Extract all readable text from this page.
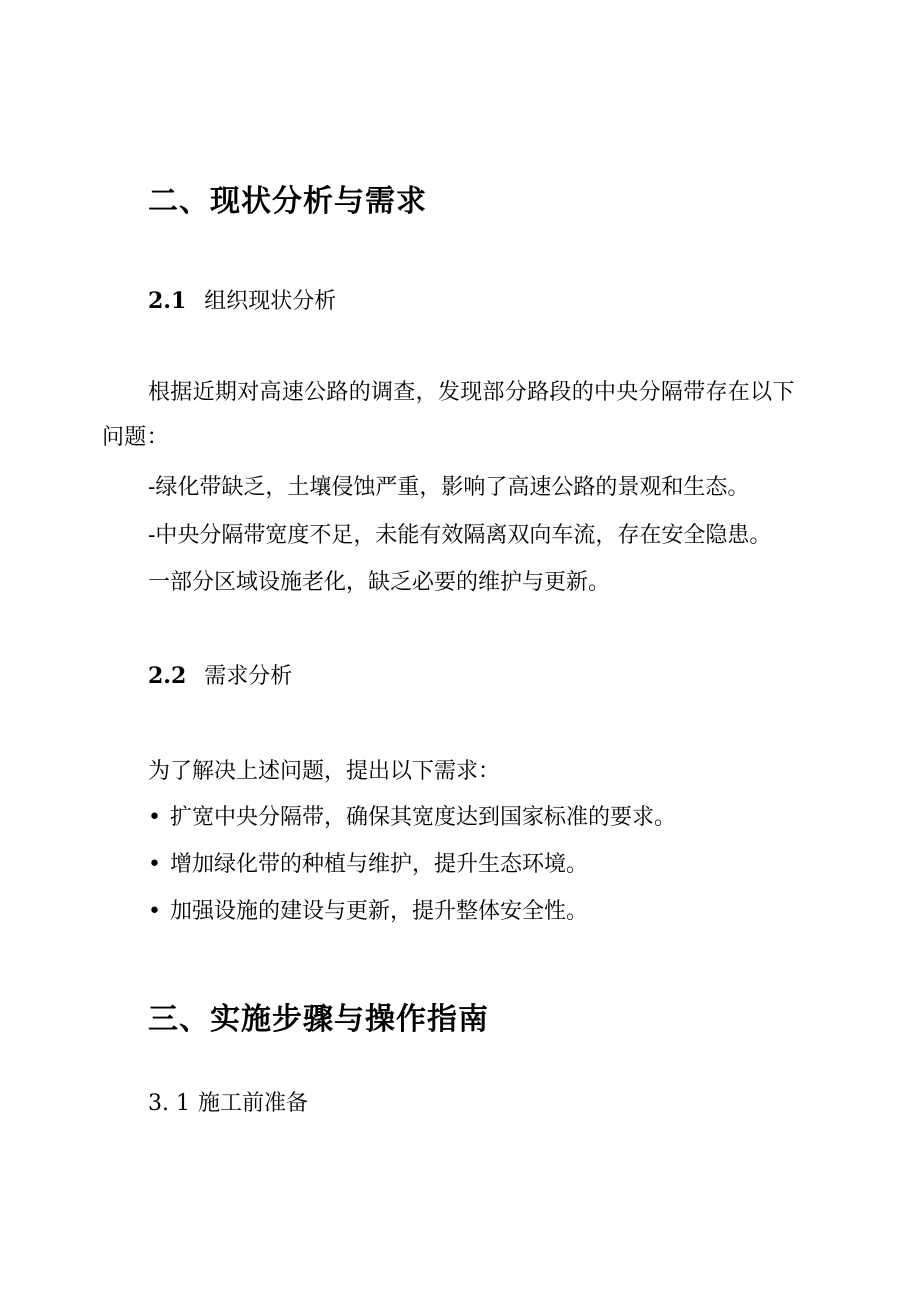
二、现状分析与需求
2.1 组织现状分析

根据近期对高速公路的调查，发现部分路段的中央分隔带存在以下问题：

-绿化带缺乏，土壤侵蚀严重，影响了高速公路的景观和生态。
-中央分隔带宽度不足，未能有效隔离双向车流，存在安全隐患。
一部分区域设施老化，缺乏必要的维护与更新。
2.2 需求分析
为了解决上述问题，提出以下需求：
• 扩宽中央分隔带，确保其宽度达到国家标准的要求。
• 增加绿化带的种植与维护，提升生态环境。
• 加强设施的建设与更新，提升整体安全性。
三、实施步骤与操作指南
3. 1 施工前准备
